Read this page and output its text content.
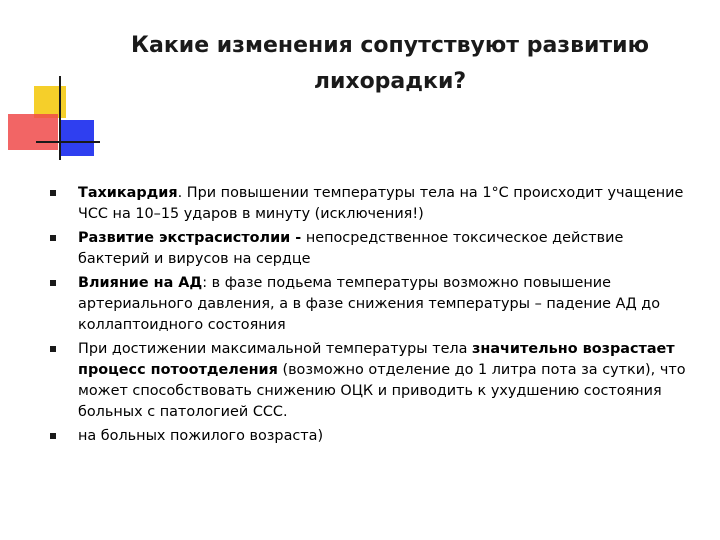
Какие изменения сопутствуют развитию
лихорадки?
Тахикардия. При повышении температуры тела на 1°С происходит учащение ЧСС на 10–15 ударов в минуту (исключения!)
Развитие экстрасистолии - непосредственное токсическое действие бактерий и вирусов на сердце
Влияние на АД: в фазе подьема температуры возможно повышение артериального давления, а в фазе снижения температуры – падение АД до коллаптоидного состояния
При достижении максимальной температуры тела значительно возрастает процесс потоотделения (возможно отделение до 1 литра пота за сутки), что может способствовать снижению ОЦК и приводить к ухудшению состояния больных с патологией ССС.
на больных пожилого возраста)
